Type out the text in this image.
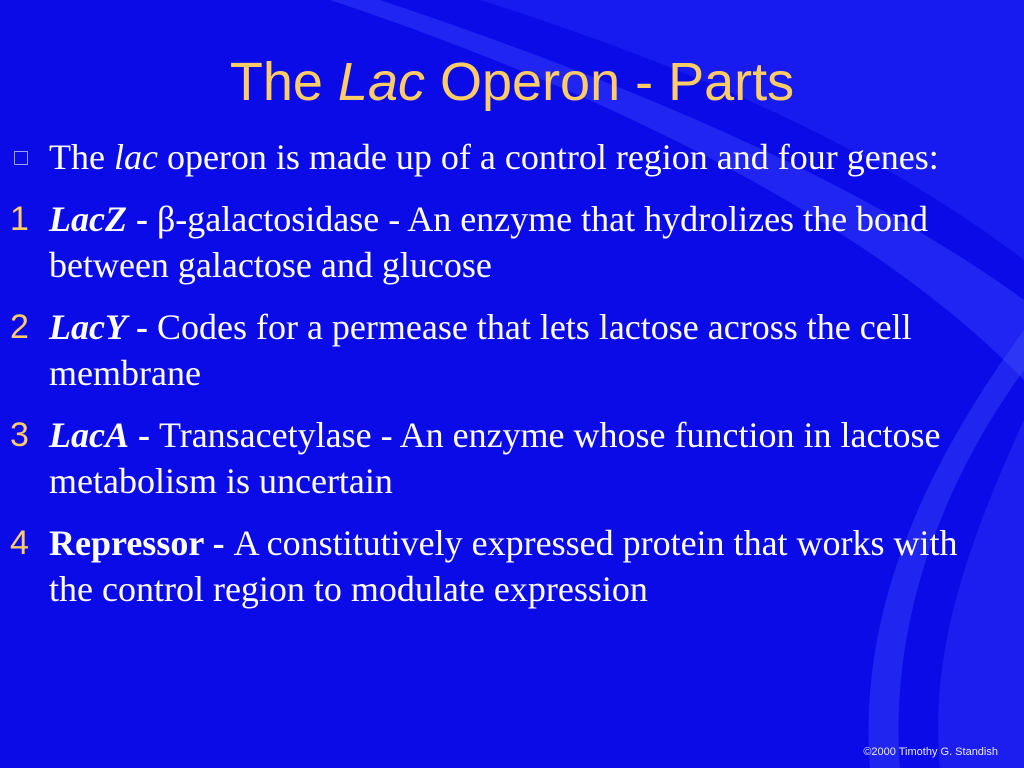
The Lac Operon - Parts
The lac operon is made up of a control region and four genes:
1 LacZ - β-galactosidase - An enzyme that hydrolizes the bond between galactose and glucose
2 LacY - Codes for a permease that lets lactose across the cell membrane
3 LacA - Transacetylase - An enzyme whose function in lactose metabolism is uncertain
4 Repressor - A constitutively expressed protein that works with the control region to modulate expression
©2000 Timothy G. Standish
